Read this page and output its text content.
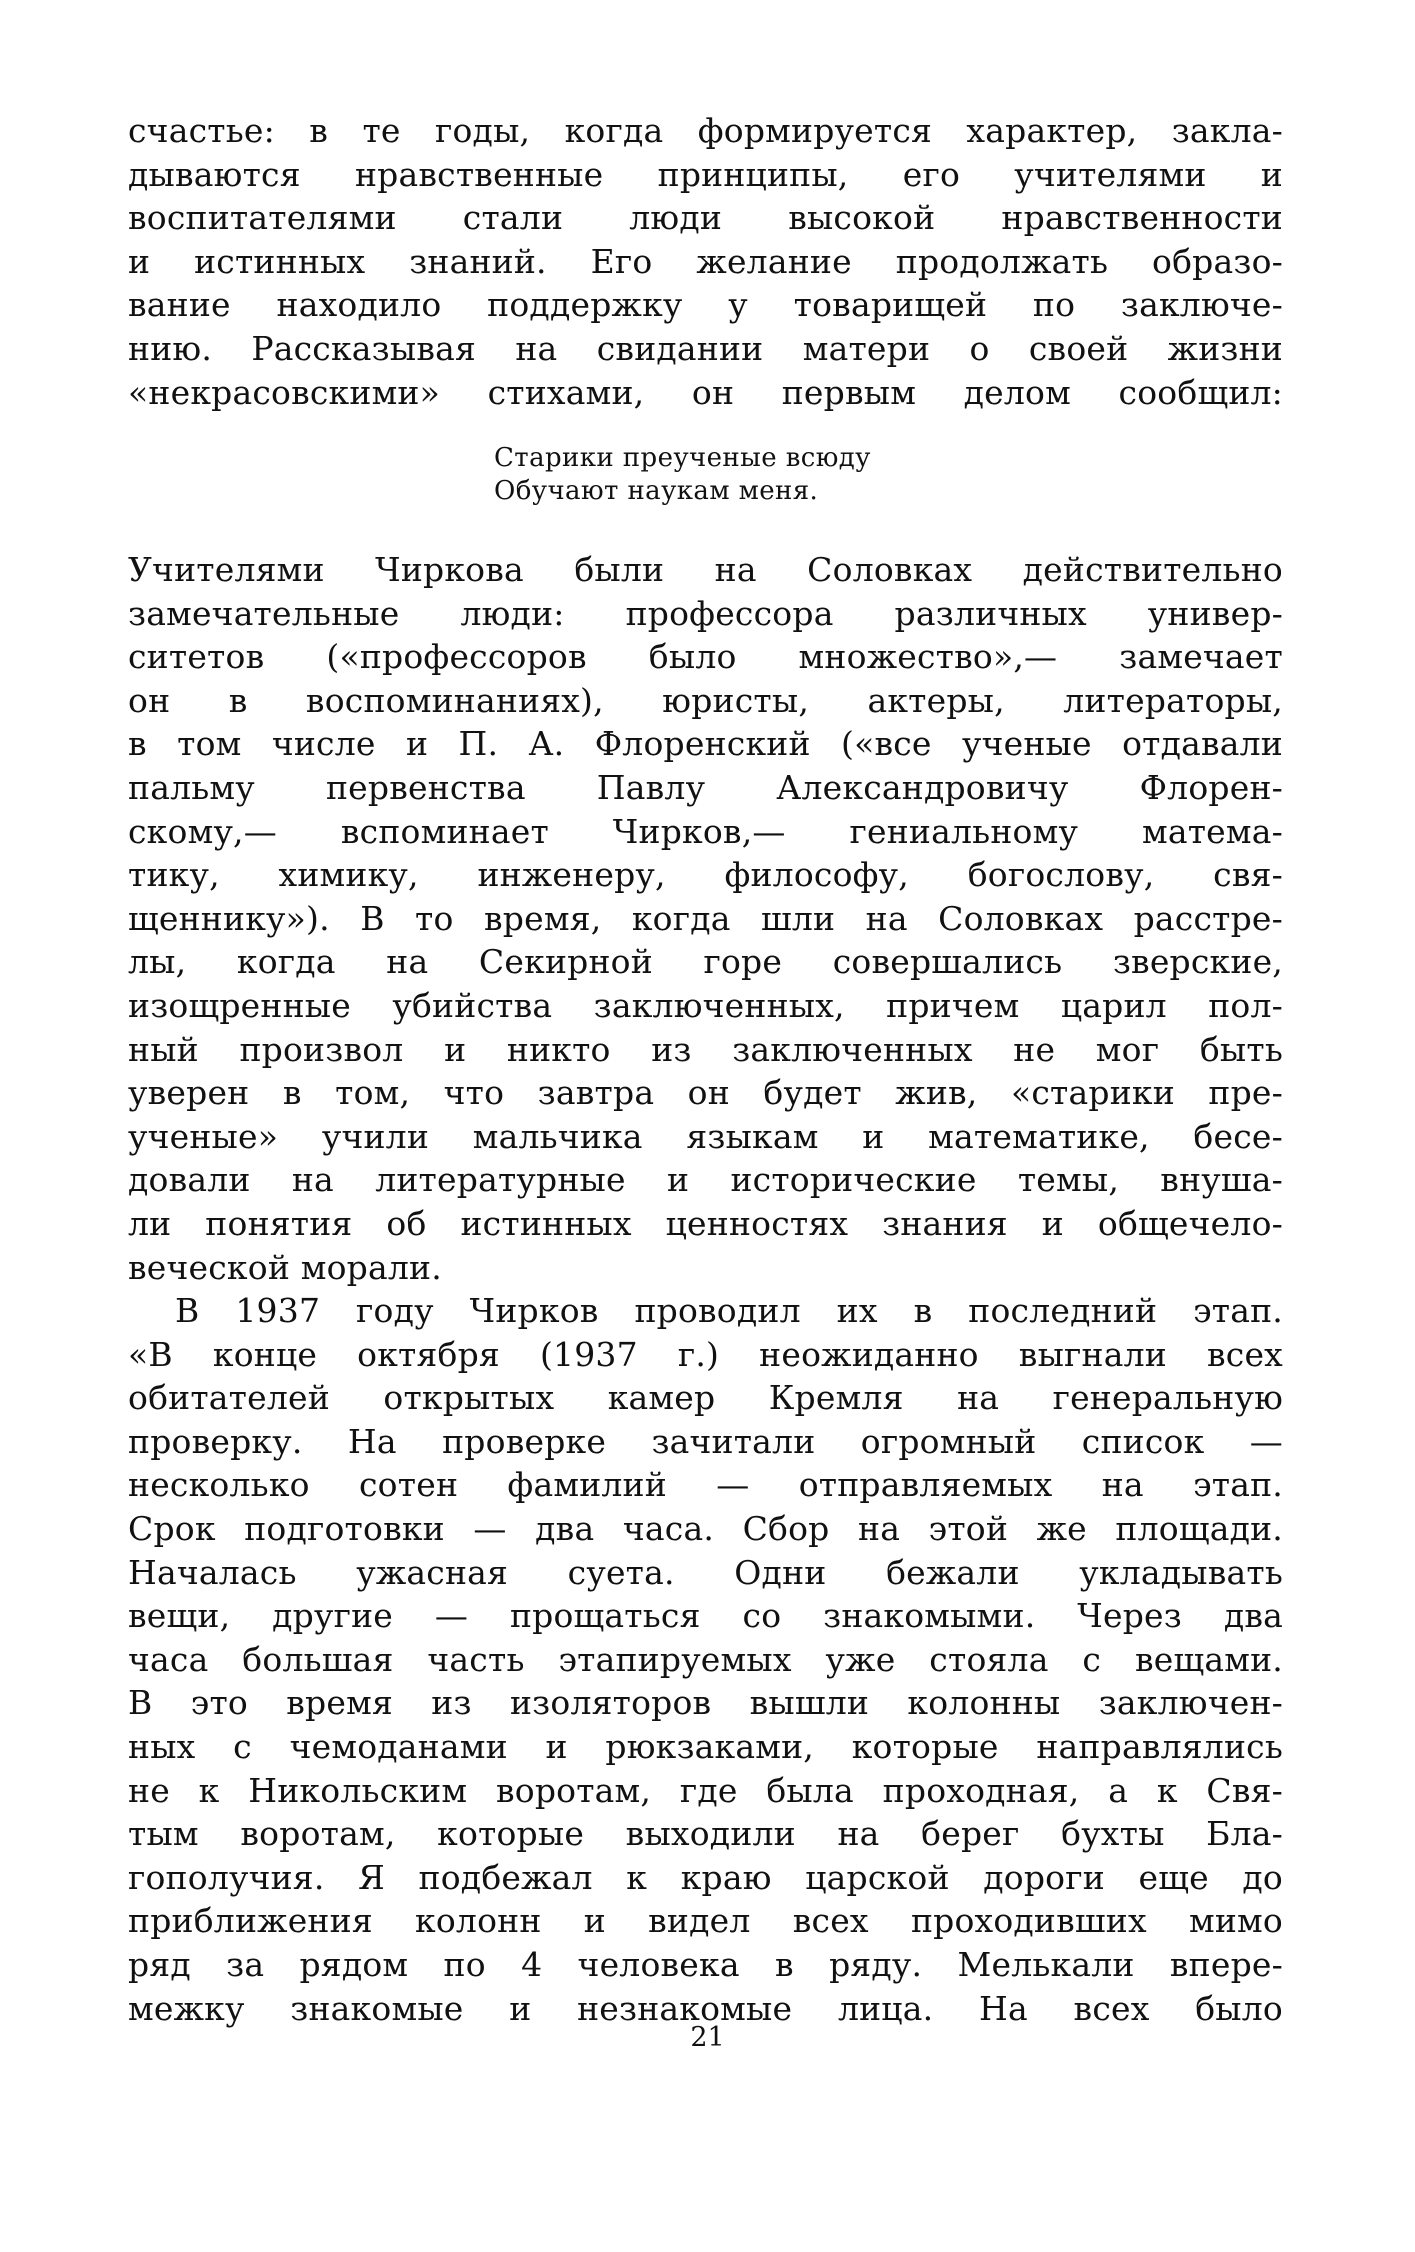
счастье: в те годы, когда формируется характер, закла-
дываются нравственные принципы, его учителями и
воспитателями стали люди высокой нравственности
и истинных знаний. Его желание продолжать образо-
вание находило поддержку у товарищей по заключе-
нию. Рассказывая на свидании матери о своей жизни
«некрасовскими» стихами, он первым делом сообщил:
Старики преученые всюду
Обучают наукам меня.
Учителями Чиркова были на Соловках действительно
замечательные люди: профессора различных универ-
ситетов («профессоров было множество»,— замечает
он в воспоминаниях), юристы, актеры, литераторы,
в том числе и П. А. Флоренский («все ученые отдавали
пальму первенства Павлу Александровичу Флорен-
скому,— вспоминает Чирков,— гениальному матема-
тику, химику, инженеру, философу, богослову, свя-
щеннику»). В то время, когда шли на Соловках расстре-
лы, когда на Секирной горе совершались зверские,
изощренные убийства заключенных, причем царил пол-
ный произвол и никто из заключенных не мог быть
уверен в том, что завтра он будет жив, «старики пре-
ученые» учили мальчика языкам и математике, бесе-
довали на литературные и исторические темы, внуша-
ли понятия об истинных ценностях знания и общечело-
веческой морали.
В 1937 году Чирков проводил их в последний этап.
«В конце октября (1937 г.) неожиданно выгнали всех
обитателей открытых камер Кремля на генеральную
проверку. На проверке зачитали огромный список —
несколько сотен фамилий — отправляемых на этап.
Срок подготовки — два часа. Сбор на этой же площади.
Началась ужасная суета. Одни бежали укладывать
вещи, другие — прощаться со знакомыми. Через два
часа большая часть этапируемых уже стояла с вещами.
В это время из изоляторов вышли колонны заключен-
ных с чемоданами и рюкзаками, которые направлялись
не к Никольским воротам, где была проходная, а к Свя-
тым воротам, которые выходили на берег бухты Бла-
гополучия. Я подбежал к краю царской дороги еще до
приближения колонн и видел всех проходивших мимо
ряд за рядом по 4 человека в ряду. Мелькали впере-
межку знакомые и незнакомые лица. На всех было
21
